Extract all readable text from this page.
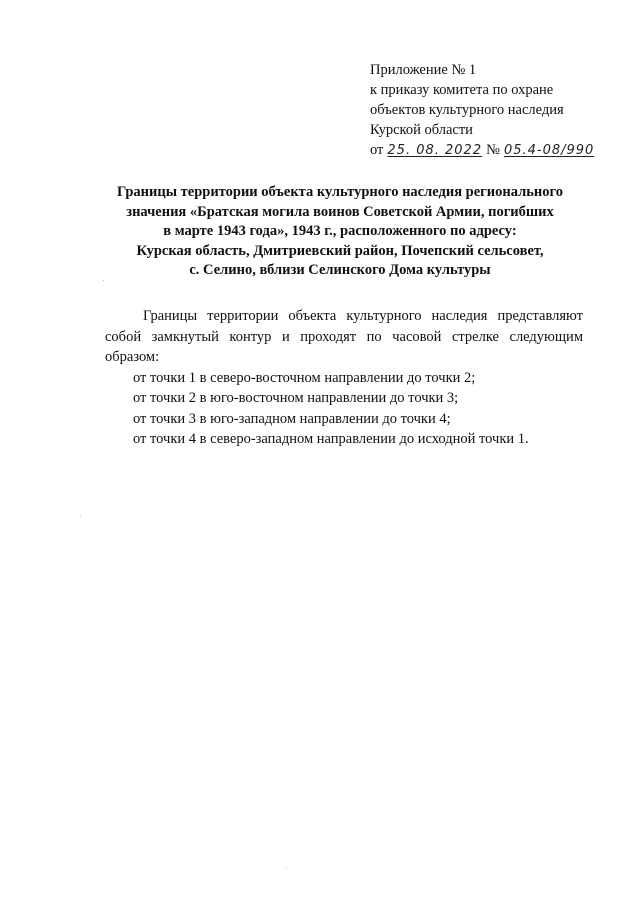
Приложение № 1
к приказу комитета по охране
объектов культурного наследия
Курской области
от 25. 08. 2022 № 05.4-08/990
Границы территории объекта культурного наследия регионального
значения «Братская могила воинов Советской Армии, погибших
в марте 1943 года», 1943 г., расположенного по адресу:
Курская область, Дмитриевский район, Почепский сельсовет,
с. Селино, вблизи Селинского Дома культуры

Границы территории объекта культурного наследия представляют
собой замкнутый контур и проходят по часовой стрелке следующим
образом:

от точки 1 в северо-восточном направлении до точки 2;
от точки 2 в юго-восточном направлении до точки 3;
от точки 3 в юго-западном направлении до точки 4;
от точки 4 в северо-западном направлении до исходной точки 1.
